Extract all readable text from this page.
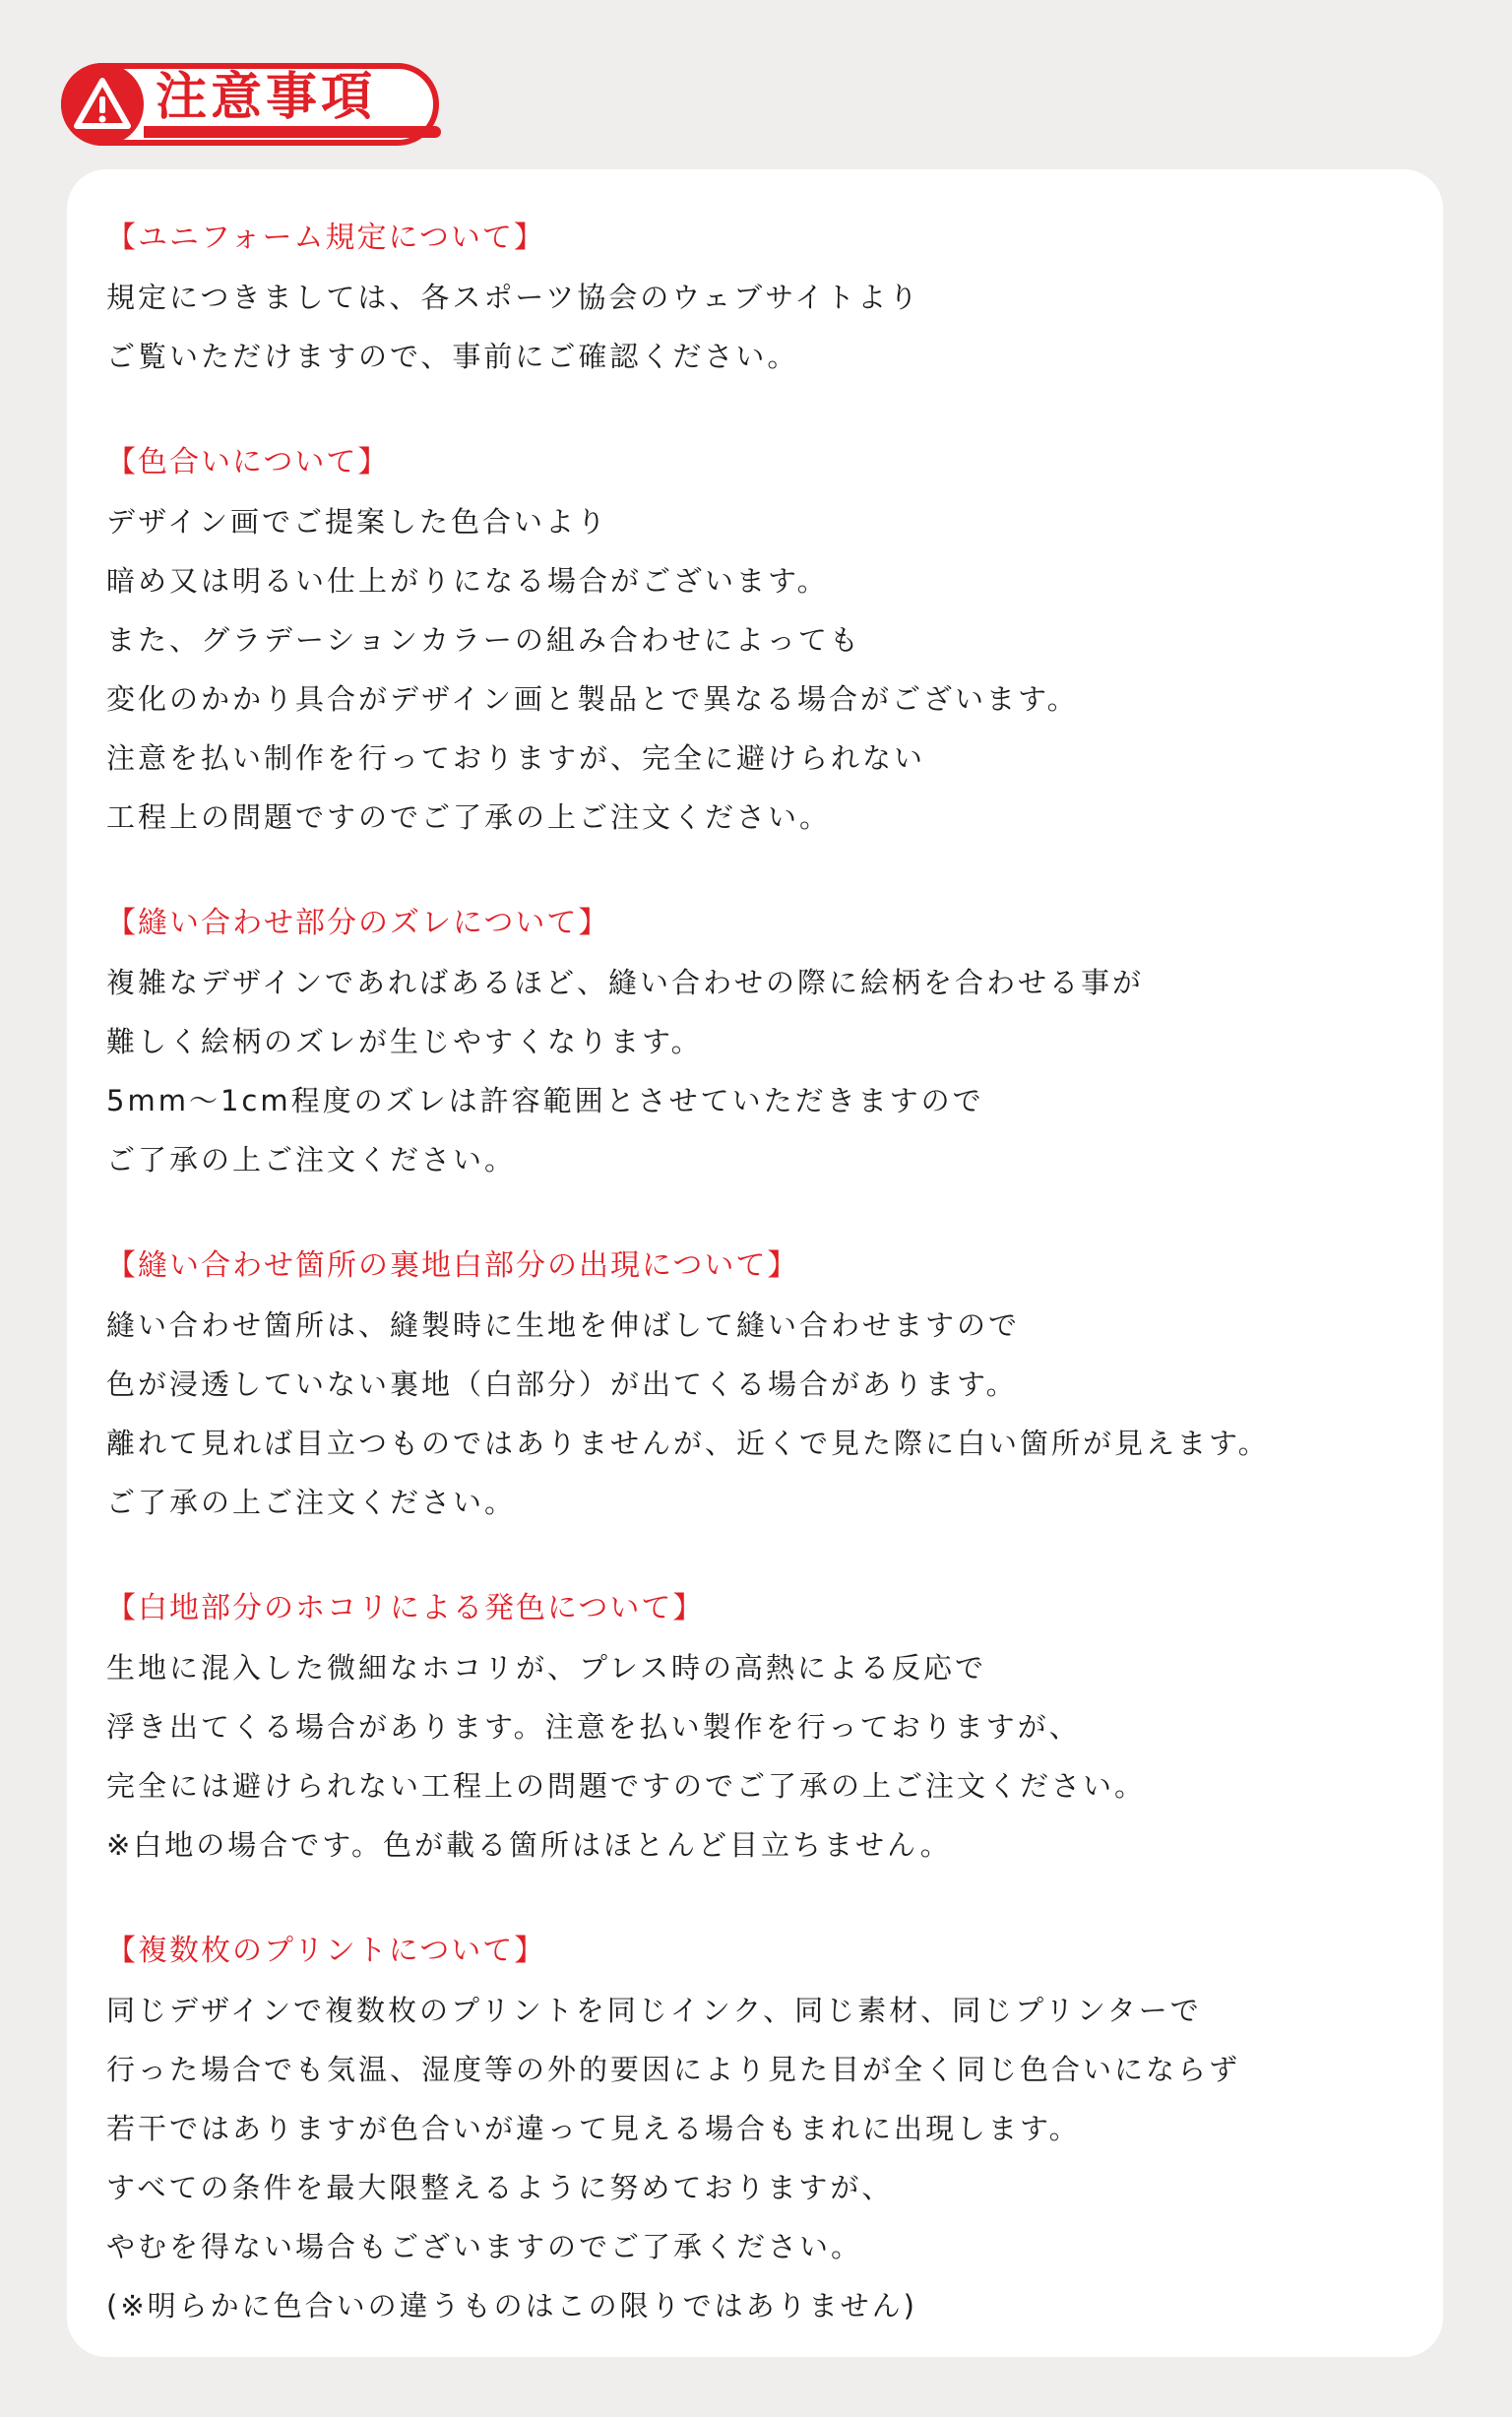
注意事項
【ユニフォーム規定について】
規定につきましては、各スポーツ協会のウェブサイトより
ご覧いただけますので、事前にご確認ください。
【色合いについて】
デザイン画でご提案した色合いより
暗め又は明るい仕上がりになる場合がございます。
また、グラデーションカラーの組み合わせによっても
変化のかかり具合がデザイン画と製品とで異なる場合がございます。
注意を払い制作を行っておりますが、完全に避けられない
工程上の問題ですのでご了承の上ご注文ください。
【縫い合わせ部分のズレについて】
複雑なデザインであればあるほど、縫い合わせの際に絵柄を合わせる事が
難しく絵柄のズレが生じやすくなります。
5mm～1cm程度のズレは許容範囲とさせていただきますので
ご了承の上ご注文ください。
【縫い合わせ箇所の裏地白部分の出現について】
縫い合わせ箇所は、縫製時に生地を伸ばして縫い合わせますので
色が浸透していない裏地（白部分）が出てくる場合があります。
離れて見れば目立つものではありませんが、近くで見た際に白い箇所が見えます。
ご了承の上ご注文ください。
【白地部分のホコリによる発色について】
生地に混入した微細なホコリが、プレス時の高熱による反応で
浮き出てくる場合があります。注意を払い製作を行っておりますが、
完全には避けられない工程上の問題ですのでご了承の上ご注文ください。
※白地の場合です。色が載る箇所はほとんど目立ちません。
【複数枚のプリントについて】
同じデザインで複数枚のプリントを同じインク、同じ素材、同じプリンターで
行った場合でも気温、湿度等の外的要因により見た目が全く同じ色合いにならず
若干ではありますが色合いが違って見える場合もまれに出現します。
すべての条件を最大限整えるように努めておりますが、
やむを得ない場合もございますのでご了承ください。
(※明らかに色合いの違うものはこの限りではありません)
